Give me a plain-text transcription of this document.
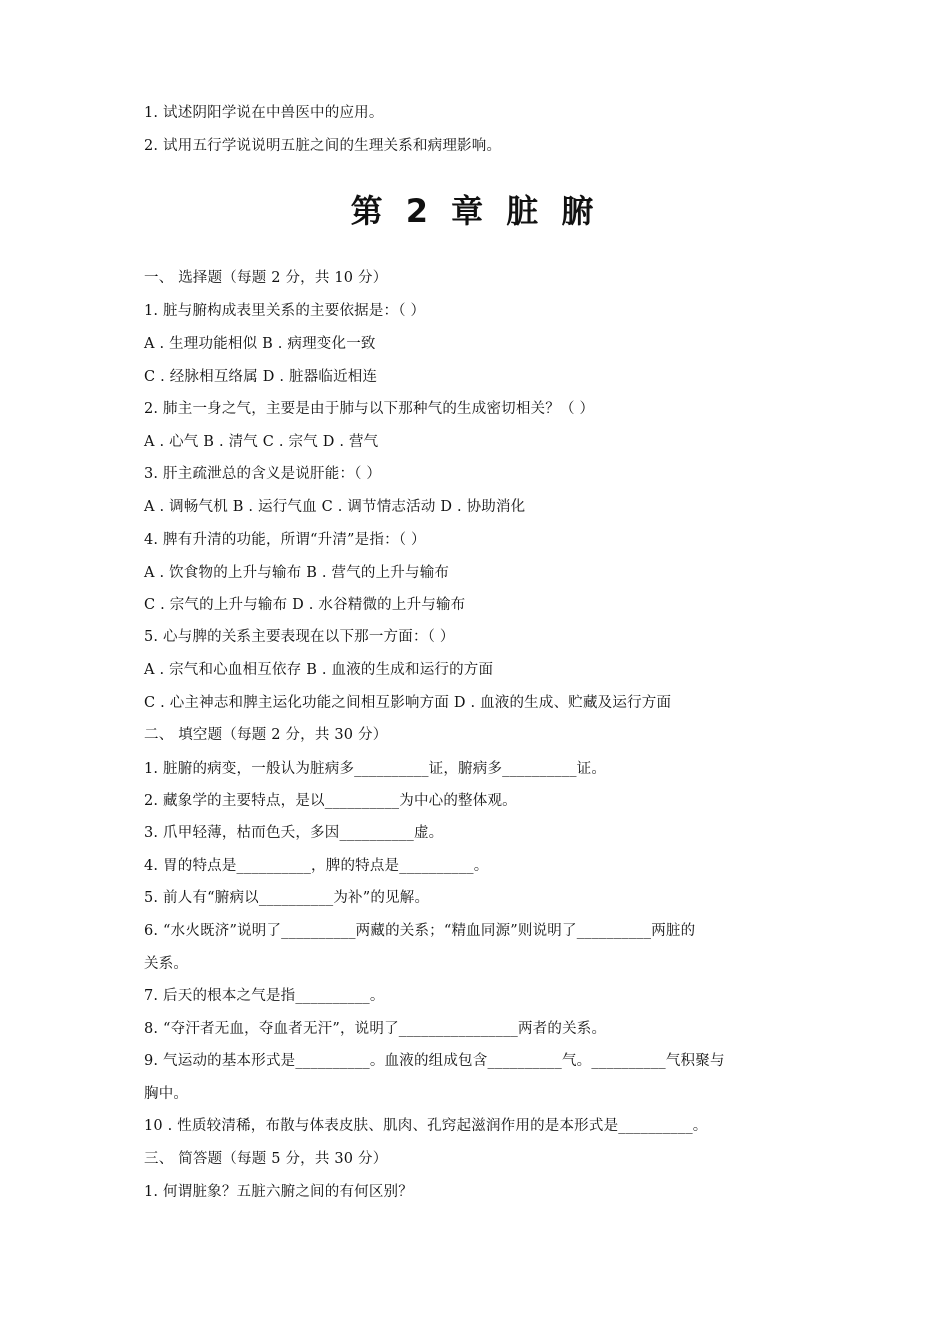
1. 试述阴阳学说在中兽医中的应用。
2. 试用五行学说说明五脏之间的生理关系和病理影响。
第 2 章 脏 腑
一、 选择题（每题 2 分，共 10 分）
1. 脏与腑构成表里关系的主要依据是：（ ）
A . 生理功能相似 B . 病理变化一致
C . 经脉相互络属 D . 脏器临近相连
2. 肺主一身之气，主要是由于肺与以下那种气的生成密切相关？（ ）
A . 心气 B . 清气 C . 宗气 D . 营气
3. 肝主疏泄总的含义是说肝能：（ ）
A . 调畅气机 B . 运行气血 C . 调节情志活动 D . 协助消化
4. 脾有升清的功能，所谓“升清”是指：（ ）
A . 饮食物的上升与输布 B . 营气的上升与输布
C . 宗气的上升与输布 D . 水谷精微的上升与输布
5. 心与脾的关系主要表现在以下那一方面：（ ）
A . 宗气和心血相互依存 B . 血液的生成和运行的方面
C . 心主神志和脾主运化功能之间相互影响方面 D . 血液的生成、贮藏及运行方面
二、 填空题（每题 2 分，共 30 分）
1. 脏腑的病变，一般认为脏病多__________证，腑病多__________证。
2. 藏象学的主要特点，是以__________为中心的整体观。
3. 爪甲轻薄，枯而色夭，多因__________虚。
4. 胃的特点是__________，脾的特点是__________。
5. 前人有“腑病以__________为补”的见解。
6. “水火既济”说明了__________两藏的关系；“精血同源”则说明了__________两脏的
关系。
7. 后天的根本之气是指__________。
8. “夺汗者无血，夺血者无汗”，说明了________________两者的关系。
9. 气运动的基本形式是__________。血液的组成包含__________气。__________气积聚与
胸中。
10 . 性质较清稀，布散与体表皮肤、肌肉、孔窍起滋润作用的是本形式是__________。
三、 简答题（每题 5 分，共 30 分）
1. 何谓脏象？五脏六腑之间的有何区别？
